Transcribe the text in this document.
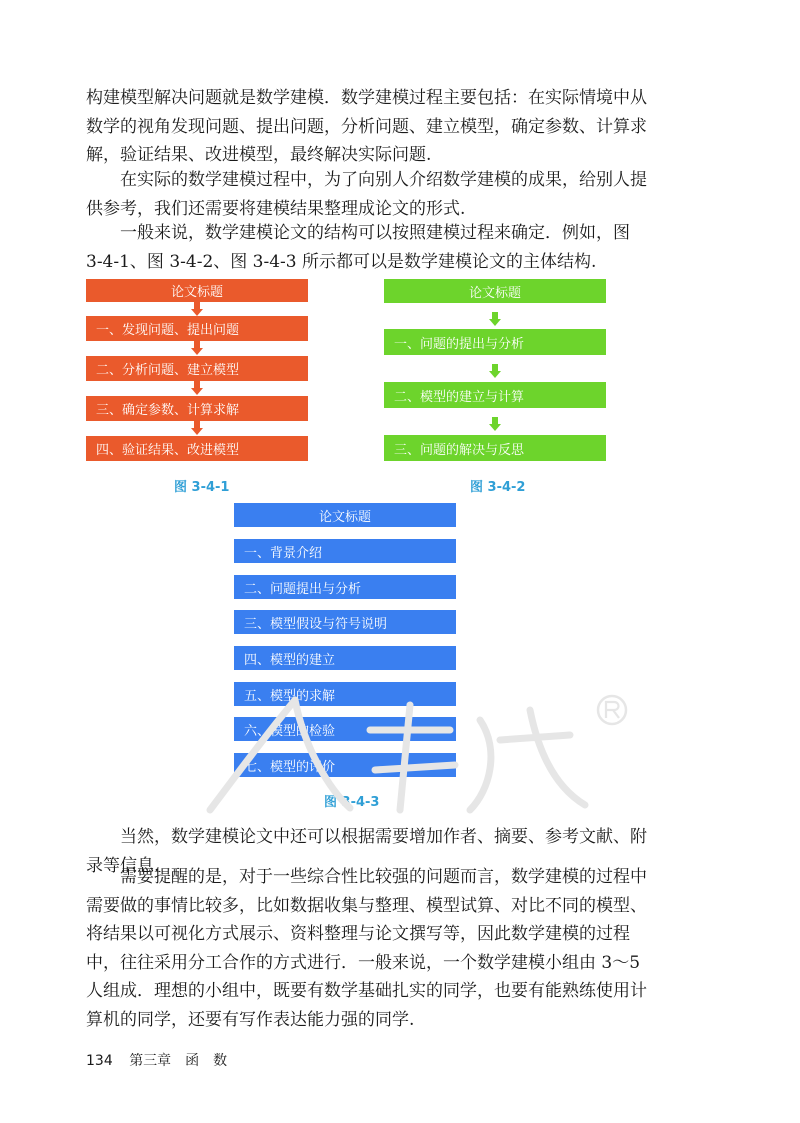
构建模型解决问题就是数学建模．数学建模过程主要包括：在实际情境中从
数学的视角发现问题、提出问题，分析问题、建立模型，确定参数、计算求
解，验证结果、改进模型，最终解决实际问题.
在实际的数学建模过程中，为了向别人介绍数学建模的成果，给别人提
供参考，我们还需要将建模结果整理成论文的形式.
一般来说，数学建模论文的结构可以按照建模过程来确定．例如，图
3-4-1、图 3-4-2、图 3-4-3 所示都可以是数学建模论文的主体结构.
论文标题
一、发现问题、提出问题
二、分析问题、建立模型
三、确定参数、计算求解
四、验证结果、改进模型
图 3-4-1
论文标题
一、问题的提出与分析
二、模型的建立与计算
三、问题的解决与反思
图 3-4-2
论文标题
一、背景介绍
二、问题提出与分析
三、模型假设与符号说明
四、模型的建立
五、模型的求解
六、模型的检验
七、模型的评价
图 3-4-3
当然，数学建模论文中还可以根据需要增加作者、摘要、参考文献、附
录等信息.
需要提醒的是，对于一些综合性比较强的问题而言，数学建模的过程中
需要做的事情比较多，比如数据收集与整理、模型试算、对比不同的模型、
将结果以可视化方式展示、资料整理与论文撰写等，因此数学建模的过程
中，往往采用分工合作的方式进行．一般来说，一个数学建模小组由 3～5
人组成．理想的小组中，既要有数学基础扎实的同学，也要有能熟练使用计
算机的同学，还要有写作表达能力强的同学.
134 第三章　函　数
